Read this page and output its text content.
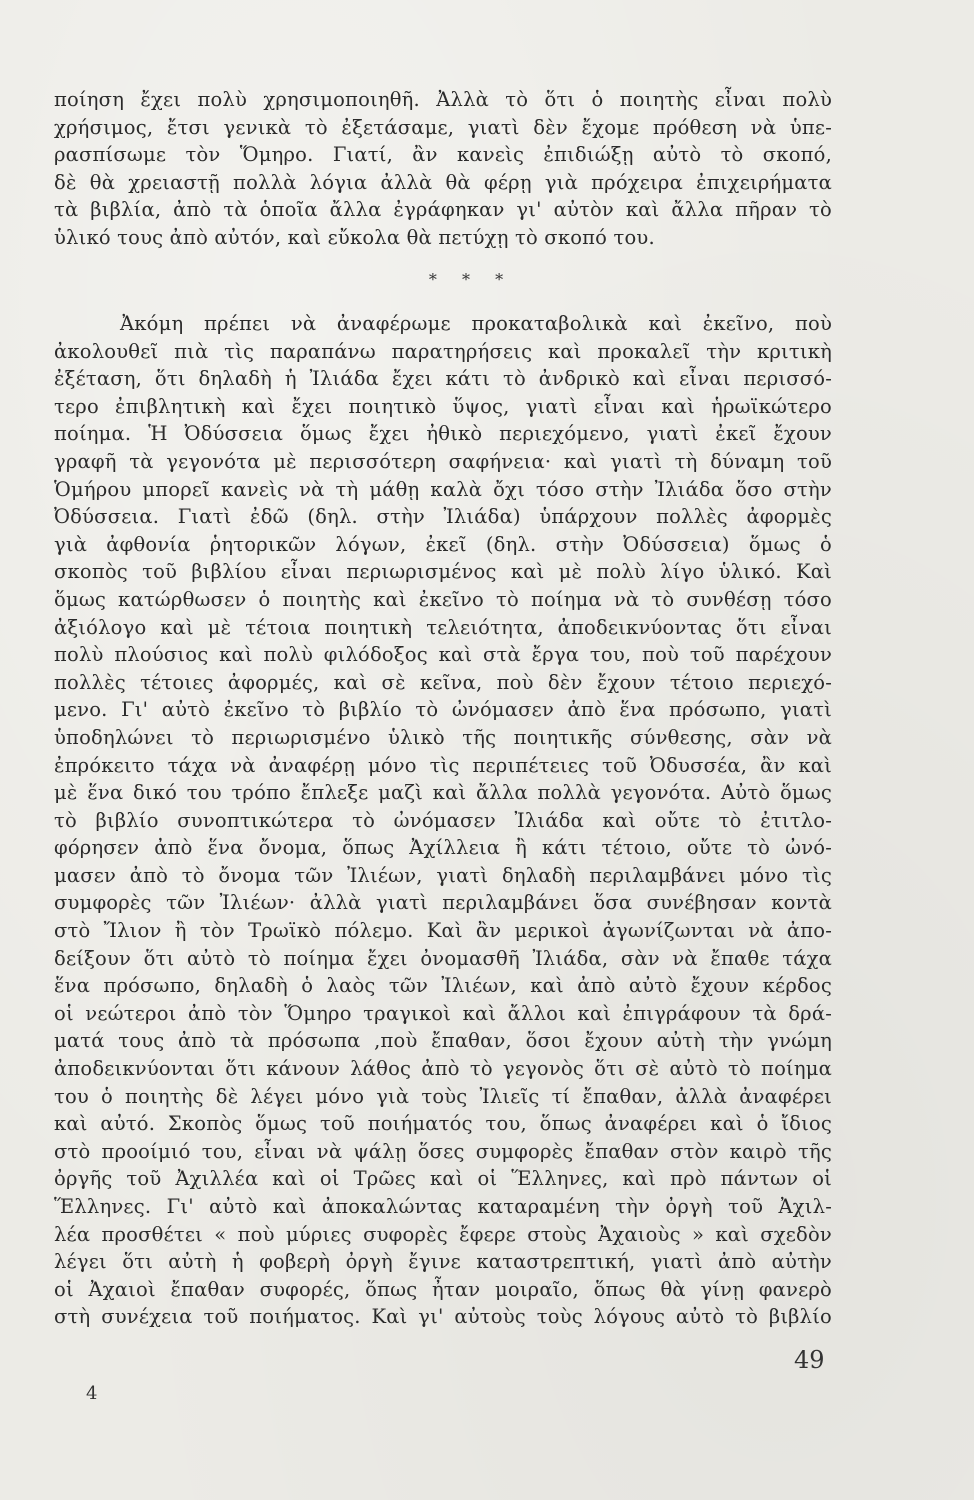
ποίηση ἔχει πολὺ χρησιμοποιηθῆ. Ἀλλὰ τὸ ὅτι ὁ ποιητὴς εἶναι πολὺ
χρήσιμος, ἔτσι γενικὰ τὸ ἐξετάσαμε, γιατὶ δὲν ἔχομε πρόθεση νὰ ὑπε-
ρασπίσωμε τὸν Ὅμηρο. Γιατί, ἂν κανεὶς ἐπιδιώξῃ αὐτὸ τὸ σκοπό,
δὲ θὰ χρειαστῇ πολλὰ λόγια ἀλλὰ θὰ φέρῃ γιὰ πρόχειρα ἐπιχειρήματα
τὰ βιβλία, ἀπὸ τὰ ὁποῖα ἄλλα ἐγράφηκαν γι' αὐτὸν καὶ ἄλλα πῆραν τὸ
ὑλικό τους ἀπὸ αὐτόν, καὶ εὔκολα θὰ πετύχῃ τὸ σκοπό του.
* * *
Ἀκόμη πρέπει νὰ ἀναφέρωμε προκαταβολικὰ καὶ ἐκεῖνο, ποὺ
ἀκολουθεῖ πιὰ τὶς παραπάνω παρατηρήσεις καὶ προκαλεῖ τὴν κριτικὴ
ἐξέταση, ὅτι δηλαδὴ ἡ Ἰλιάδα ἔχει κάτι τὸ ἀνδρικὸ καὶ εἶναι περισσό-
τερο ἐπιβλητικὴ καὶ ἔχει ποιητικὸ ὕψος, γιατὶ εἶναι καὶ ἡρωϊκώτερο
ποίημα. Ἡ Ὀδύσσεια ὅμως ἔχει ἠθικὸ περιεχόμενο, γιατὶ ἐκεῖ ἔχουν
γραφῆ τὰ γεγονότα μὲ περισσότερη σαφήνεια· καὶ γιατὶ τὴ δύναμη τοῦ
Ὁμήρου μπορεῖ κανεὶς νὰ τὴ μάθῃ καλὰ ὄχι τόσο στὴν Ἰλιάδα ὅσο στὴν
Ὀδύσσεια. Γιατὶ ἐδῶ (δηλ. στὴν Ἰλιάδα) ὑπάρχουν πολλὲς ἀφορμὲς
γιὰ ἀφθονία ῥητορικῶν λόγων, ἐκεῖ (δηλ. στὴν Ὀδύσσεια) ὅμως ὁ
σκοπὸς τοῦ βιβλίου εἶναι περιωρισμένος καὶ μὲ πολὺ λίγο ὑλικό. Καὶ
ὅμως κατώρθωσεν ὁ ποιητὴς καὶ ἐκεῖνο τὸ ποίημα νὰ τὸ συνθέσῃ τόσο
ἀξιόλογο καὶ μὲ τέτοια ποιητικὴ τελειότητα, ἀποδεικνύοντας ὅτι εἶναι
πολὺ πλούσιος καὶ πολὺ φιλόδοξος καὶ στὰ ἔργα του, ποὺ τοῦ παρέχουν
πολλὲς τέτοιες ἀφορμές, καὶ σὲ κεῖνα, ποὺ δὲν ἔχουν τέτοιο περιεχό-
μενο. Γι' αὐτὸ ἐκεῖνο τὸ βιβλίο τὸ ὠνόμασεν ἀπὸ ἕνα πρόσωπο, γιατὶ
ὑποδηλώνει τὸ περιωρισμένο ὑλικὸ τῆς ποιητικῆς σύνθεσης, σὰν νὰ
ἐπρόκειτο τάχα νὰ ἀναφέρῃ μόνο τὶς περιπέτειες τοῦ Ὀδυσσέα, ἂν καὶ
μὲ ἕνα δικό του τρόπο ἔπλεξε μαζὶ καὶ ἄλλα πολλὰ γεγονότα. Αὐτὸ ὅμως
τὸ βιβλίο συνοπτικώτερα τὸ ὠνόμασεν Ἰλιάδα καὶ οὔτε τὸ ἐτιτλο-
φόρησεν ἀπὸ ἕνα ὄνομα, ὅπως Ἀχίλλεια ἢ κάτι τέτοιο, οὔτε τὸ ὠνό-
μασεν ἀπὸ τὸ ὄνομα τῶν Ἰλιέων, γιατὶ δηλαδὴ περιλαμβάνει μόνο τὶς
συμφορὲς τῶν Ἰλιέων· ἀλλὰ γιατὶ περιλαμβάνει ὅσα συνέβησαν κοντὰ
στὸ Ἴλιον ἢ τὸν Τρωϊκὸ πόλεμο. Καὶ ἂν μερικοὶ ἀγωνίζωνται νὰ ἀπο-
δείξουν ὅτι αὐτὸ τὸ ποίημα ἔχει ὀνομασθῆ Ἰλιάδα, σὰν νὰ ἔπαθε τάχα
ἕνα πρόσωπο, δηλαδὴ ὁ λαὸς τῶν Ἰλιέων, καὶ ἀπὸ αὐτὸ ἔχουν κέρδος
οἱ νεώτεροι ἀπὸ τὸν Ὅμηρο τραγικοὶ καὶ ἄλλοι καὶ ἐπιγράφουν τὰ δρά-
ματά τους ἀπὸ τὰ πρόσωπα ,ποὺ ἔπαθαν, ὅσοι ἔχουν αὐτὴ τὴν γνώμη
ἀποδεικνύονται ὅτι κάνουν λάθος ἀπὸ τὸ γεγονὸς ὅτι σὲ αὐτὸ τὸ ποίημα
του ὁ ποιητὴς δὲ λέγει μόνο γιὰ τοὺς Ἰλιεῖς τί ἔπαθαν, ἀλλὰ ἀναφέρει
καὶ αὐτό. Σκοπὸς ὅμως τοῦ ποιήματός του, ὅπως ἀναφέρει καὶ ὁ ἴδιος
στὸ προοίμιό του, εἶναι νὰ ψάλῃ ὅσες συμφορὲς ἔπαθαν στὸν καιρὸ τῆς
ὀργῆς τοῦ Ἀχιλλέα καὶ οἱ Τρῶες καὶ οἱ Ἕλληνες, καὶ πρὸ πάντων οἱ
Ἕλληνες. Γι' αὐτὸ καὶ ἀποκαλώντας καταραμένη τὴν ὀργὴ τοῦ Ἀχιλ-
λέα προσθέτει « ποὺ μύριες συφορὲς ἔφερε στοὺς Ἀχαιοὺς » καὶ σχεδὸν
λέγει ὅτι αὐτὴ ἡ φοβερὴ ὀργὴ ἔγινε καταστρεπτική, γιατὶ ἀπὸ αὐτὴν
οἱ Ἀχαιοὶ ἔπαθαν συφορές, ὅπως ἦταν μοιραῖο, ὅπως θὰ γίνῃ φανερὸ
στὴ συνέχεια τοῦ ποιήματος. Καὶ γι' αὐτοὺς τοὺς λόγους αὐτὸ τὸ βιβλίο
49
4
